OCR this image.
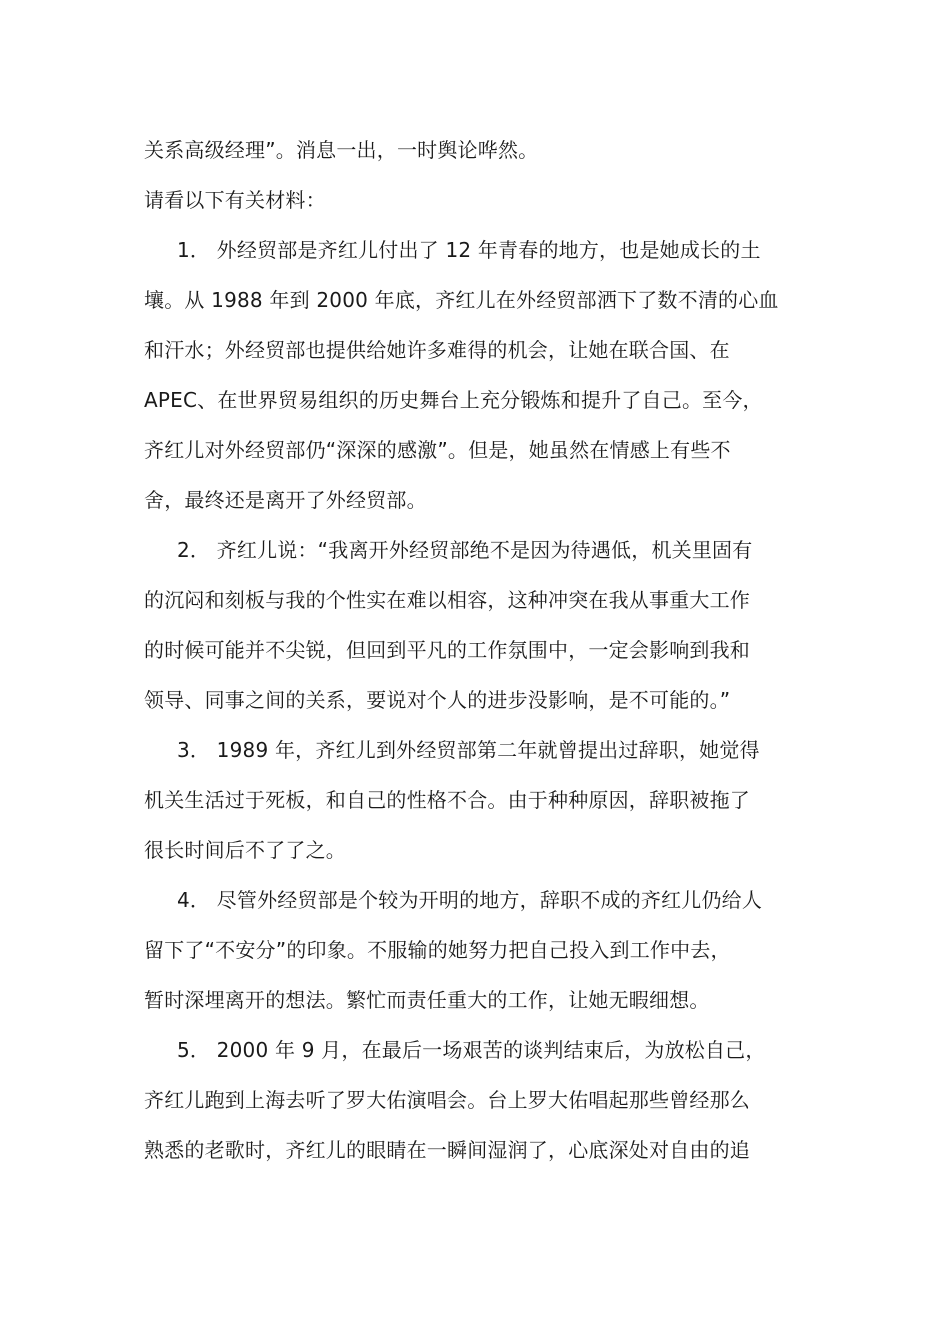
关系高级经理”。消息一出，一时舆论哗然。
请看以下有关材料：
1． 外经贸部是齐红儿付出了 12 年青春的地方，也是她成长的土
壤。从 1988 年到 2000 年底，齐红儿在外经贸部洒下了数不清的心血
和汗水；外经贸部也提供给她许多难得的机会，让她在联合国、在
APEC、在世界贸易组织的历史舞台上充分锻炼和提升了自己。至今，
齐红儿对外经贸部仍“深深的感激”。但是，她虽然在情感上有些不
舍，最终还是离开了外经贸部。
2． 齐红儿说：“我离开外经贸部绝不是因为待遇低，机关里固有
的沉闷和刻板与我的个性实在难以相容，这种冲突在我从事重大工作
的时候可能并不尖锐，但回到平凡的工作氛围中，一定会影响到我和
领导、同事之间的关系，要说对个人的进步没影响，是不可能的。”
3． 1989 年，齐红儿到外经贸部第二年就曾提出过辞职，她觉得
机关生活过于死板，和自己的性格不合。由于种种原因，辞职被拖了
很长时间后不了了之。
4． 尽管外经贸部是个较为开明的地方，辞职不成的齐红儿仍给人
留下了“不安分”的印象。不服输的她努力把自己投入到工作中去，
暂时深埋离开的想法。繁忙而责任重大的工作，让她无暇细想。
5． 2000 年 9 月，在最后一场艰苦的谈判结束后，为放松自己，
齐红儿跑到上海去听了罗大佑演唱会。台上罗大佑唱起那些曾经那么
熟悉的老歌时，齐红儿的眼睛在一瞬间湿润了，心底深处对自由的追
